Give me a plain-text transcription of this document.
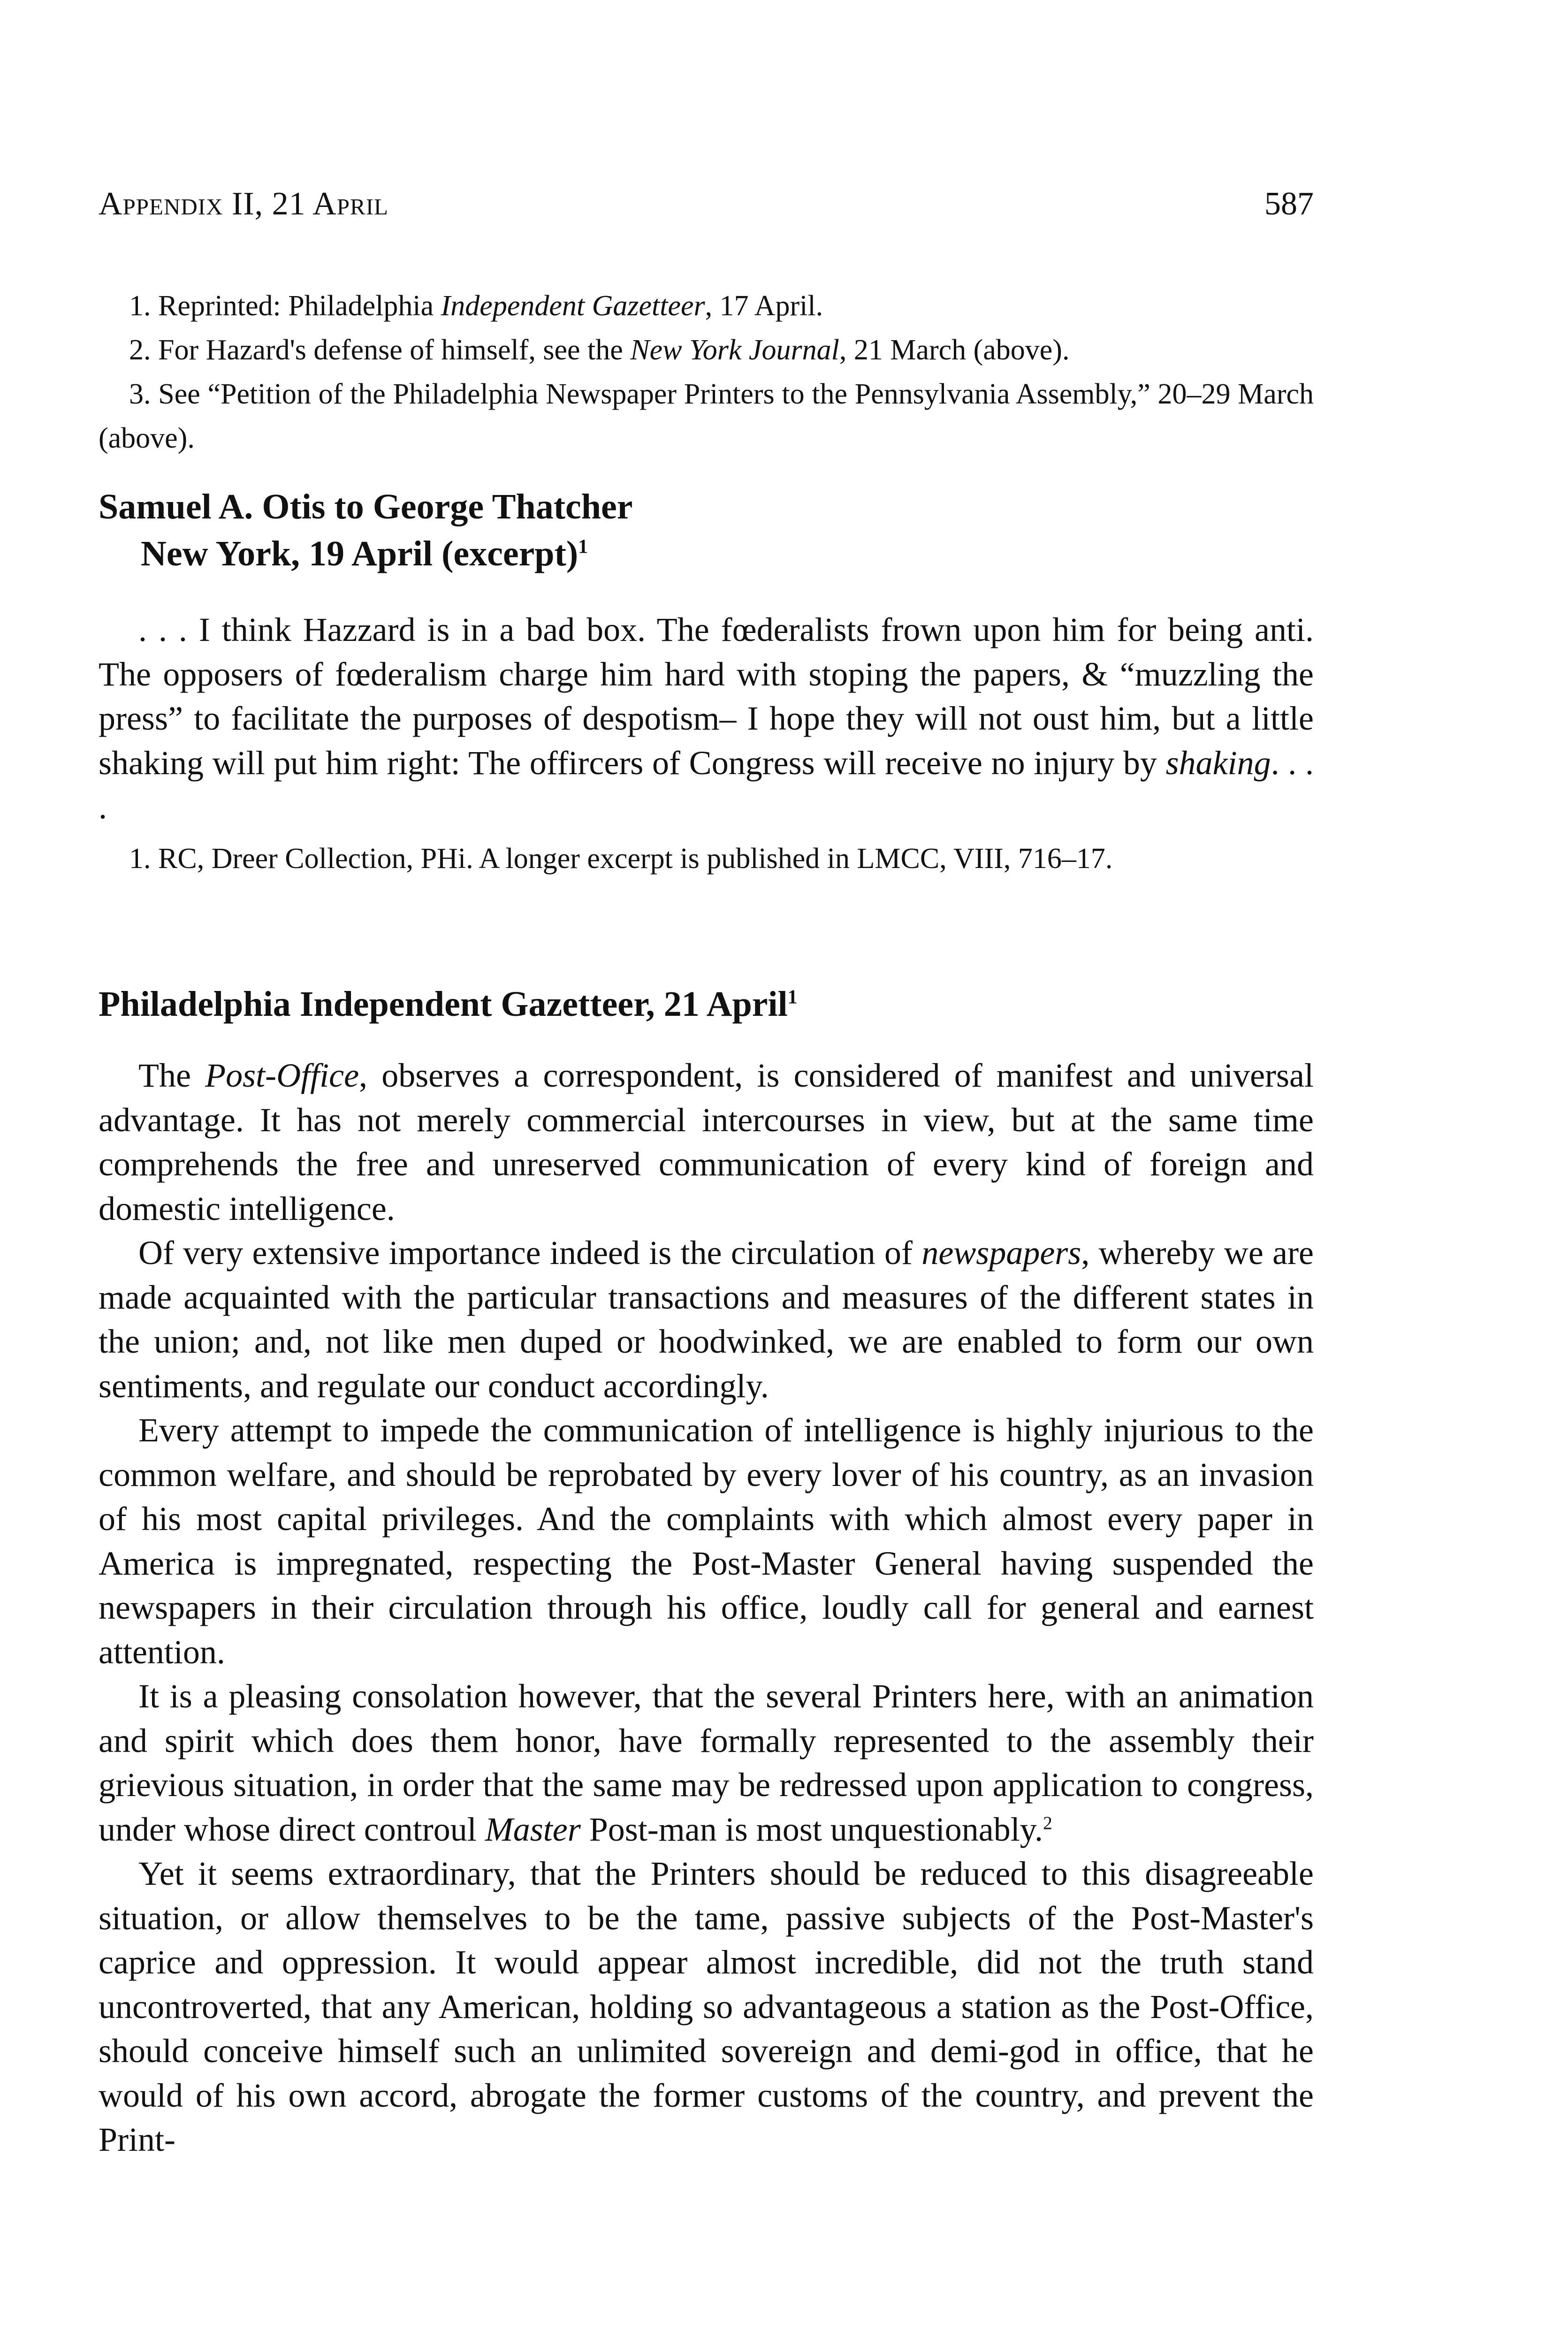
Appendix II, 21 April	587

1. Reprinted: Philadelphia Independent Gazetteer, 17 April.

2. For Hazard's defense of himself, see the New York Journal, 21 March (above).

3. See “Petition of the Philadelphia Newspaper Printers to the Pennsylvania Assembly,” 20–29 March (above).

Samuel A. Otis to George Thatcher
New York, 19 April (excerpt)$^1$

. . . I think Hazzard is in a bad box. The fœderalists frown upon him for being anti. The opposers of fœderalism charge him hard with stoping the papers, & “muzzling the press” to facilitate the purposes of despotism– I hope they will not oust him, but a little shaking will put him right: The offircers of Congress will receive no injury by shaking. . . .

1. RC, Dreer Collection, PHi. A longer excerpt is published in LMCC, VIII, 716–17.

Philadelphia Independent Gazetteer, 21 April$^1$

The Post-Office, observes a correspondent, is considered of manifest and universal advantage. It has not merely commercial intercourses in view, but at the same time comprehends the free and unreserved communication of every kind of foreign and domestic intelligence.

Of very extensive importance indeed is the circulation of newspapers, whereby we are made acquainted with the particular transactions and measures of the different states in the union; and, not like men duped or hoodwinked, we are enabled to form our own sentiments, and regulate our conduct accordingly.

Every attempt to impede the communication of intelligence is highly injurious to the common welfare, and should be reprobated by every lover of his country, as an invasion of his most capital privileges. And the complaints with which almost every paper in America is impregnated, respecting the Post-Master General having suspended the newspapers in their circulation through his office, loudly call for general and earnest attention.

It is a pleasing consolation however, that the several Printers here, with an animation and spirit which does them honor, have formally represented to the assembly their grievious situation, in order that the same may be redressed upon application to congress, under whose direct controul Master Post-man is most unquestionably.$^2$

Yet it seems extraordinary, that the Printers should be reduced to this disagreeable situation, or allow themselves to be the tame, passive subjects of the Post-Master's caprice and oppression. It would appear almost incredible, did not the truth stand uncontroverted, that any American, holding so advantageous a station as the Post-Office, should conceive himself such an unlimited sovereign and demi-god in office, that he would of his own accord, abrogate the former customs of the country, and prevent the Print-
